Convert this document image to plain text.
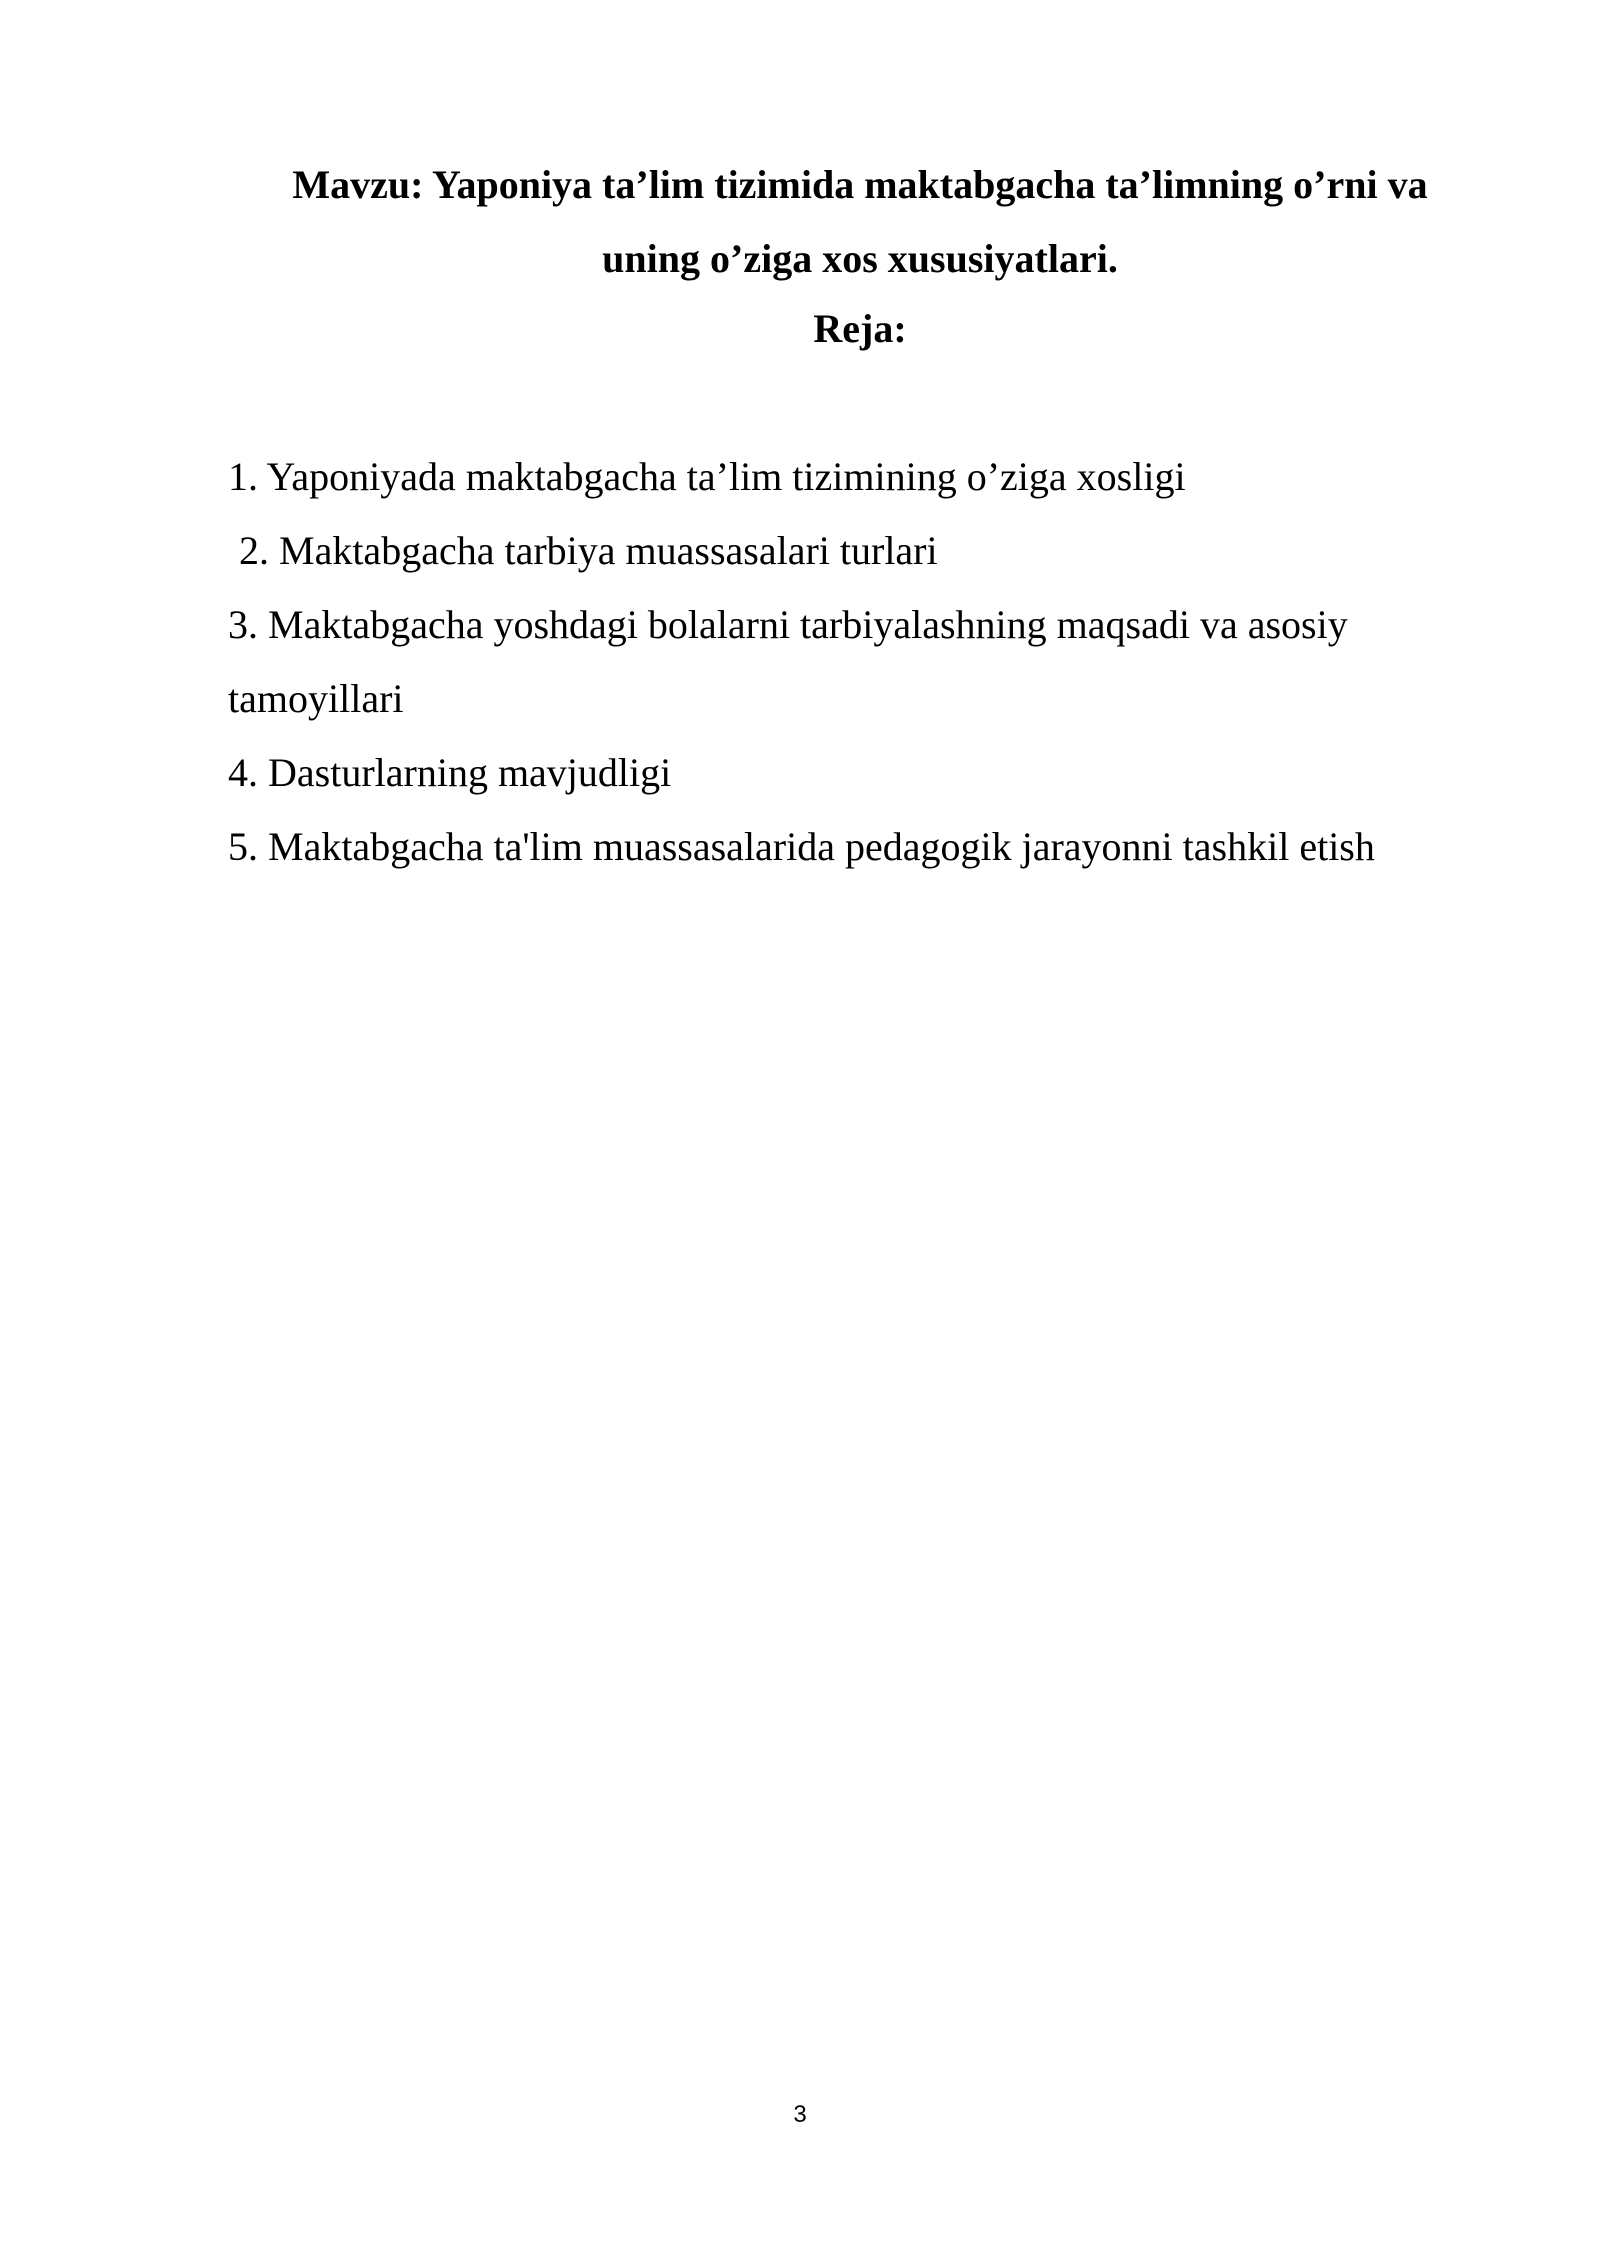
Mavzu: Yaponiya ta’lim tizimida maktabgacha ta’limning o’rni va
uning o’ziga xos xususiyatlari.
Reja:
1. Yaponiyada maktabgacha ta’lim tizimining o’ziga xosligi
2. Maktabgacha tarbiya muassasalari turlari
3. Maktabgacha yoshdagi bolalarni tarbiyalashning maqsadi va asosiy
tamoyillari
4. Dasturlarning mavjudligi
5. Maktabgacha ta'lim muassasalarida pedagogik jarayonni tashkil etish
3
